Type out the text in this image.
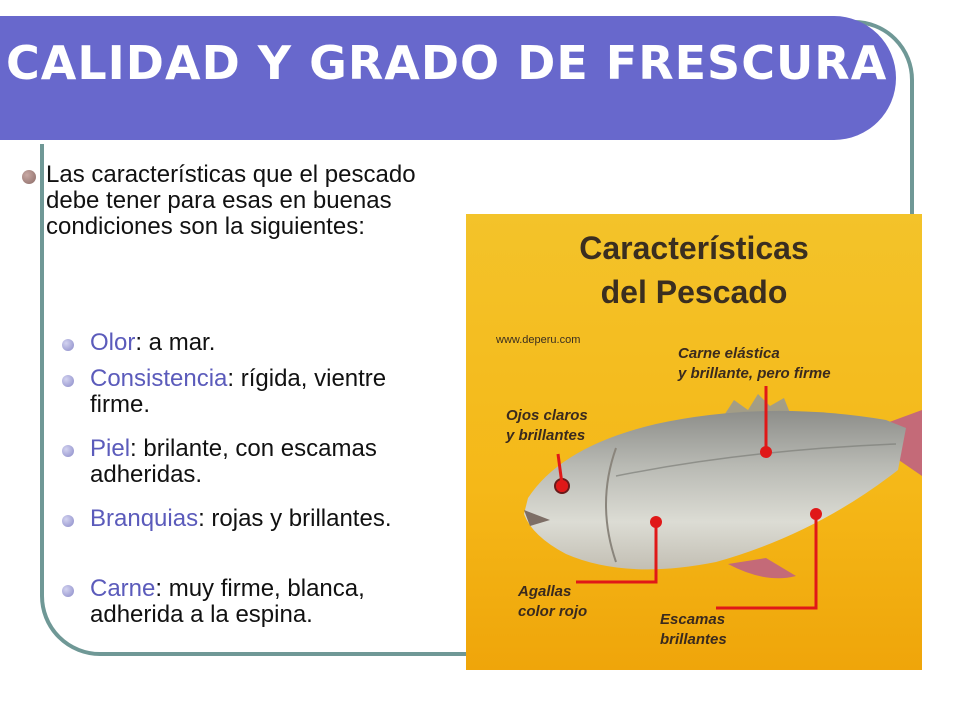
CALIDAD Y GRADO DE FRESCURA
Las características que el pescado debe tener para esas en buenas condiciones son la siguientes:
Olor: a mar.
Consistencia: rígida, vientre firme.
Piel: brilante, con escamas adheridas.
Branquias: rojas y brillantes.
Carne: muy firme, blanca, adherida a la espina.
Características
del Pescado
www.deperu.com
Carne elástica
y brillante, pero firme
Ojos claros
y brillantes
Agallas
color rojo	Escamas
brillantes
